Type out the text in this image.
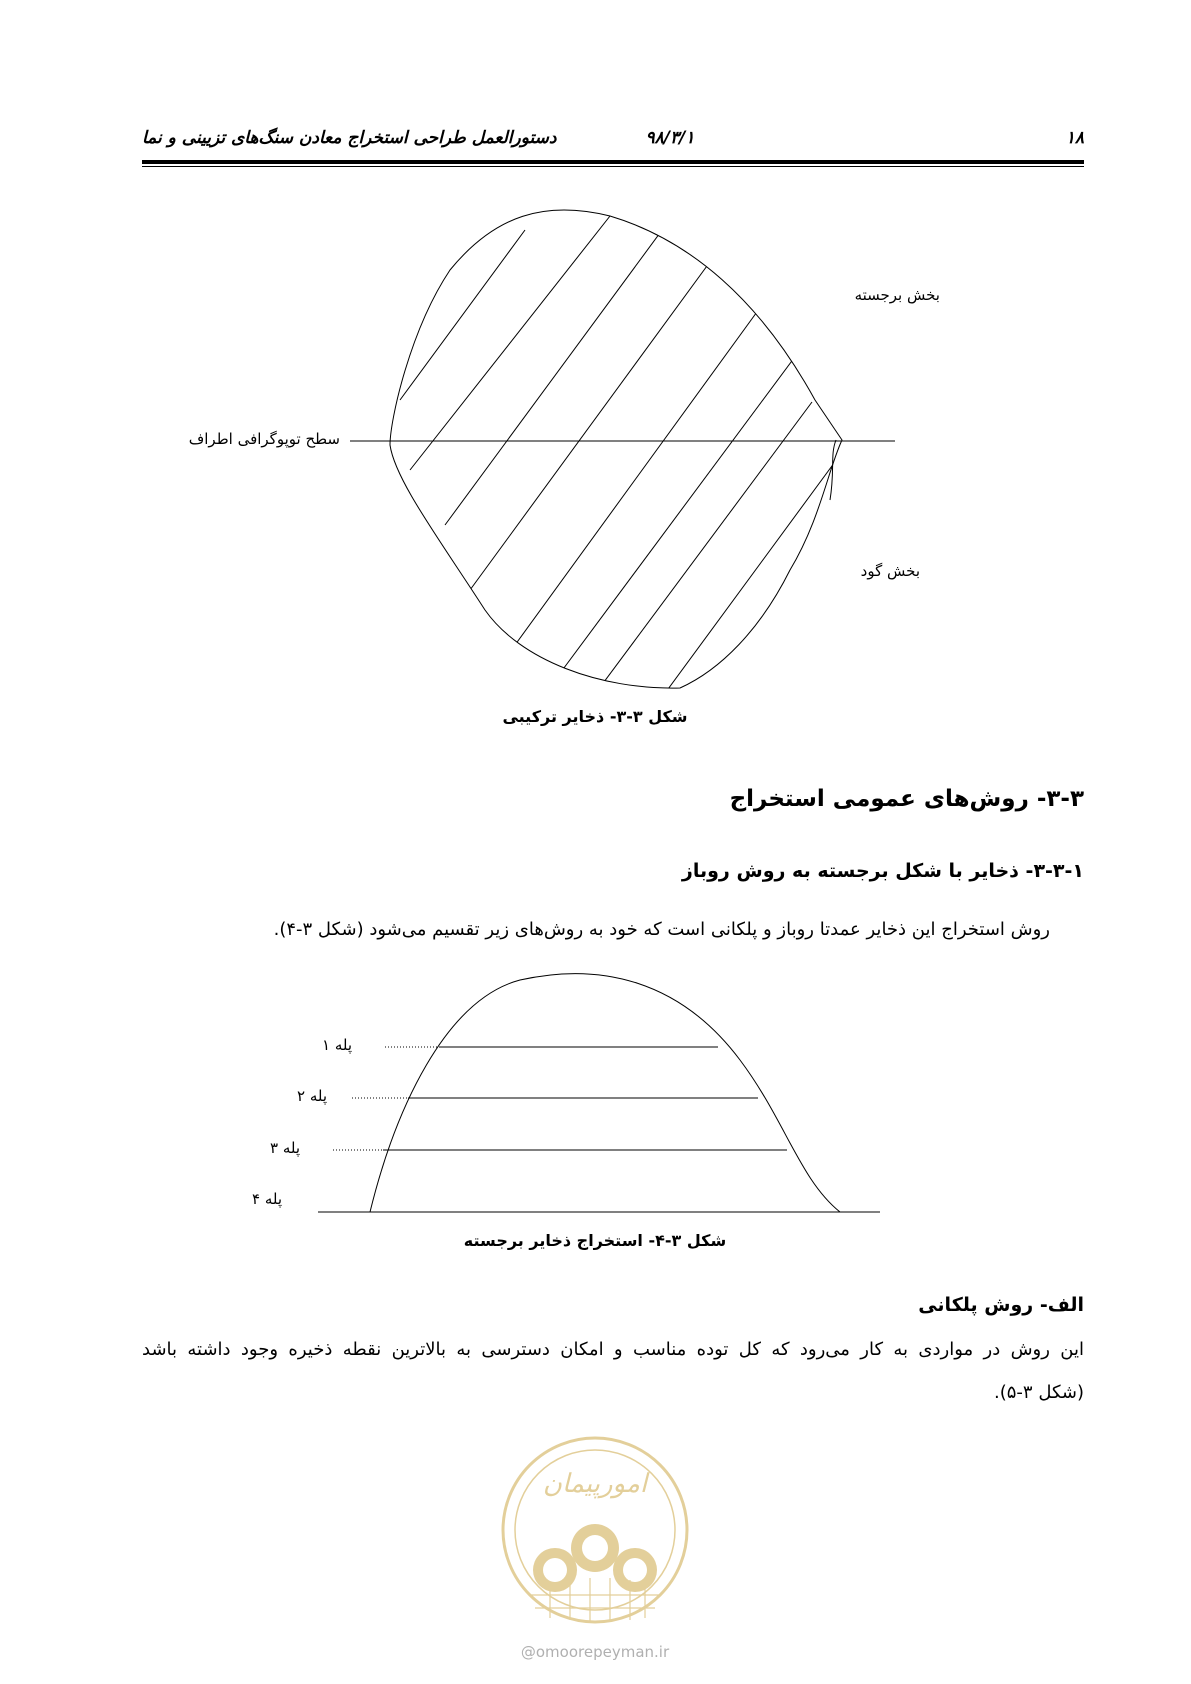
۱۸
۹۸/۳/۱
دستورالعمل طراحی استخراج معادن سنگ‌های تزیینی و نما
بخش برجسته
سطح توپوگرافی اطراف
بخش گود
شکل ۳-۳- ذخایر ترکیبی
۳-۳- روش‌های عمومی استخراج
۳-۳-۱- ذخایر با شکل برجسته به روش روباز
روش استخراج این ذخایر عمدتا روباز و پلکانی است که خود به روش‌های زیر تقسیم می‌شود (شکل ۳-۴).
پله ۱
پله ۲
پله ۳
پله ۴
شکل ۳-۴- استخراج ذخایر برجسته
الف- روش پلکانی
این روش در مواردی به کار می‌رود که کل توده مناسب و امکان دسترسی به بالاترین نقطه ذخیره وجود داشته باشد
(شکل ۳-۵).
امورپیمان
@omoorepeyman.ir
